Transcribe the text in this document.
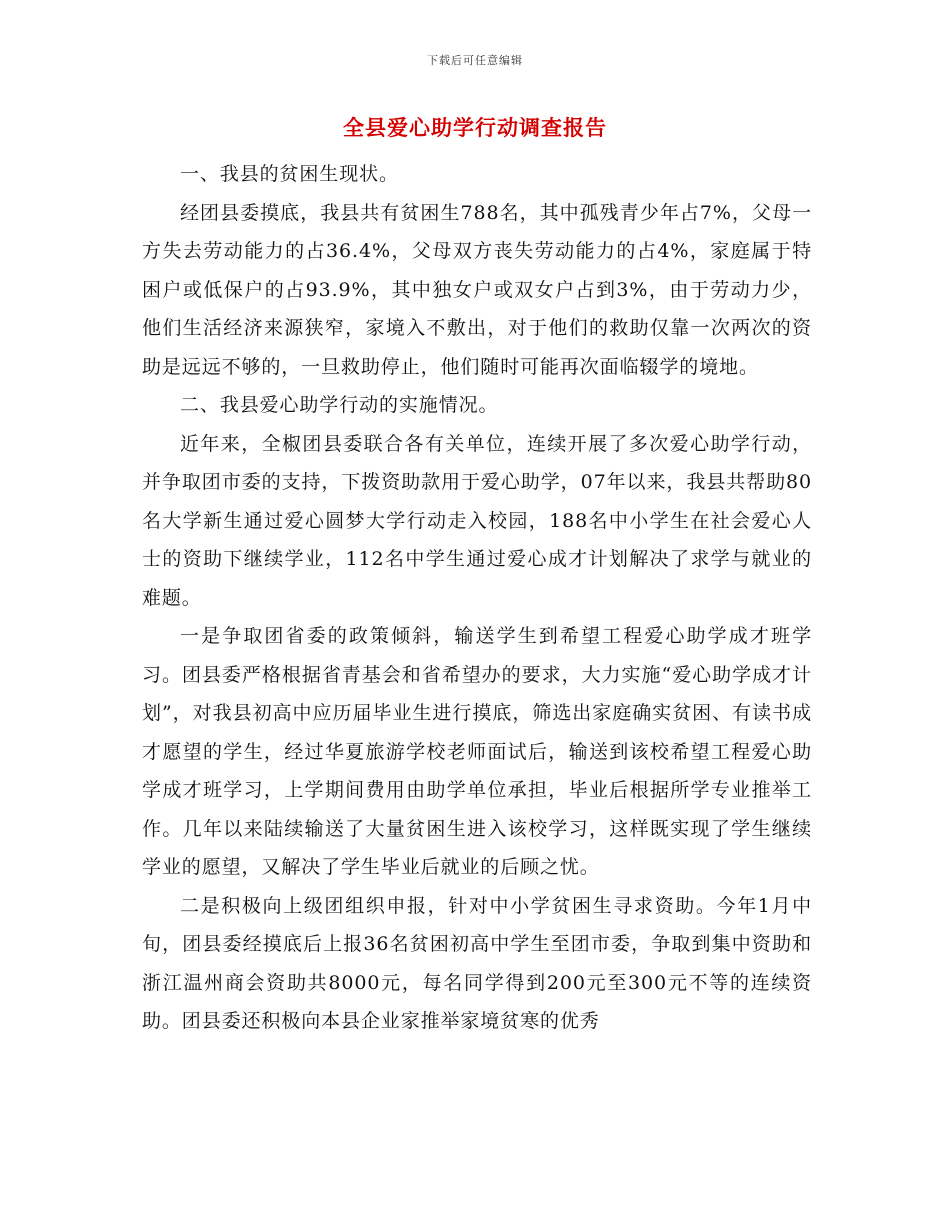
下载后可任意编辑
全县爱心助学行动调查报告

一、我县的贫困生现状。

经团县委摸底，我县共有贫困生788名，其中孤残青少年占7%，父母一方失去劳动能力的占36.4%，父母双方丧失劳动能力的占4%，家庭属于特困户或低保户的占93.9%，其中独女户或双女户占到3%，由于劳动力少，他们生活经济来源狭窄，家境入不敷出，对于他们的救助仅靠一次两次的资助是远远不够的，一旦救助停止，他们随时可能再次面临辍学的境地。

二、我县爱心助学行动的实施情况。

近年来，全椒团县委联合各有关单位，连续开展了多次爱心助学行动，并争取团市委的支持，下拨资助款用于爱心助学，07年以来，我县共帮助80名大学新生通过爱心圆梦大学行动走入校园，188名中小学生在社会爱心人士的资助下继续学业，112名中学生通过爱心成才计划解决了求学与就业的难题。

一是争取团省委的政策倾斜，输送学生到希望工程爱心助学成才班学习。团县委严格根据省青基会和省希望办的要求，大力实施“爱心助学成才计划”，对我县初高中应历届毕业生进行摸底，筛选出家庭确实贫困、有读书成才愿望的学生，经过华夏旅游学校老师面试后，输送到该校希望工程爱心助学成才班学习，上学期间费用由助学单位承担，毕业后根据所学专业推举工作。几年以来陆续输送了大量贫困生进入该校学习，这样既实现了学生继续学业的愿望，又解决了学生毕业后就业的后顾之忧。

二是积极向上级团组织申报，针对中小学贫困生寻求资助。今年1月中旬，团县委经摸底后上报36名贫困初高中学生至团市委，争取到集中资助和浙江温州商会资助共8000元，每名同学得到200元至300元不等的连续资助。团县委还积极向本县企业家推举家境贫寒的优秀
